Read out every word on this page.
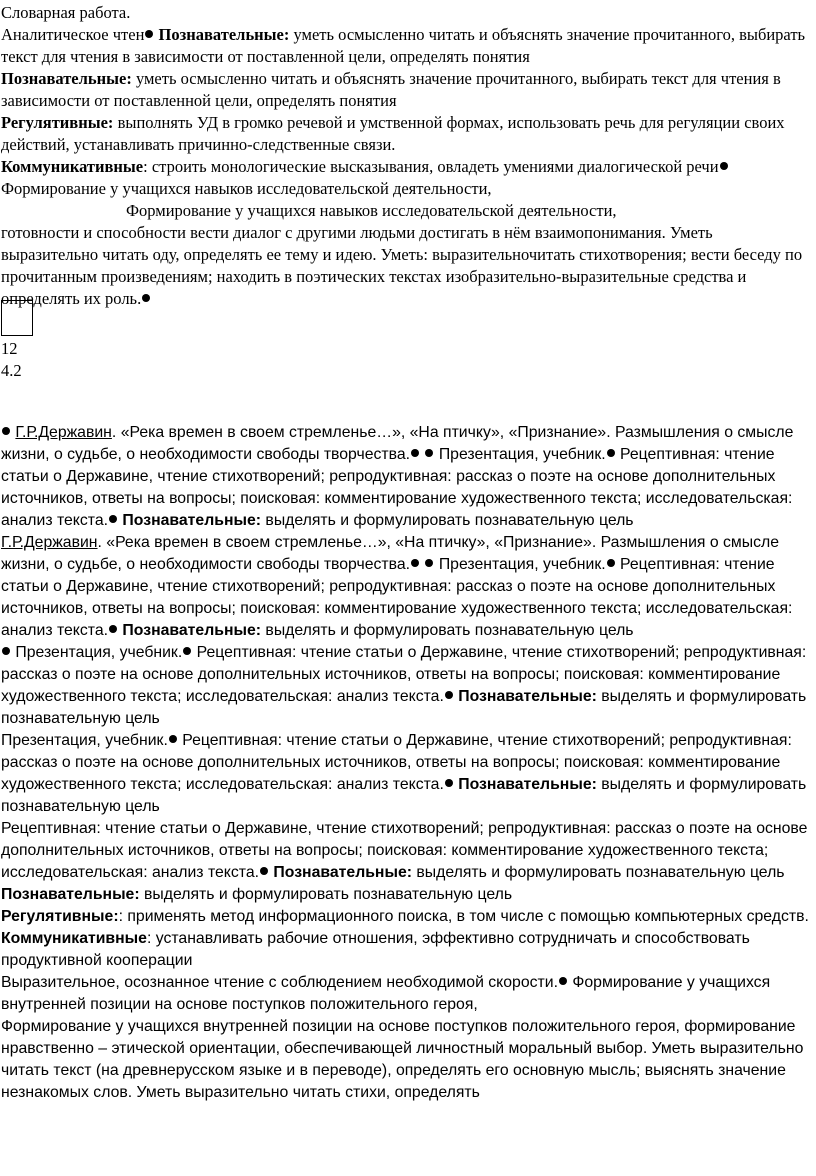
Словарная работа.
Аналитическое чтен Познавательные: уметь осмысленно читать и объяснять значение прочитанного, выбирать текст для чтения в зависимости от поставленной цели, определять понятия
Познавательные: уметь осмысленно читать и объяснять значение прочитанного, выбирать текст для чтения в зависимости от поставленной цели, определять понятия
Регулятивные: выполнять УД в громко речевой и умственной формах, использовать речь для регуляции своих действий, устанавливать причинно-следственные связи.
Коммуникативные: строить монологические высказывания, овладеть умениями диалогической речи Формирование у учащихся навыков исследовательской деятельности,
Формирование у учащихся навыков исследовательской деятельности,
готовности и способности вести диалог с другими людьми достигать в нём взаимопонимания. Уметь выразительно читать оду, определять ее тему и идею. Уметь: выразительночитать стихотворения; вести беседу по прочитанным произведениям; находить в поэтических текстах изобразительно-выразительные средства и определять их роль.
12
4.2
Г.Р.Державин. «Река времен в своем стремленье…», «На птичку», «Признание». Размышления о смысле жизни, о судьбе, о необходимости свободы творчества. Презентация, учебник. Рецептивная: чтение статьи о Державине, чтение стихотворений; репродуктивная: рассказ о поэте на основе дополнительных источников, ответы на вопросы; поисковая: комментирование художественного текста; исследовательская: анализ текста. Познавательные: выделять и формулировать познавательную цель
Г.Р.Державин. «Река времен в своем стремленье…», «На птичку», «Признание». Размышления о смысле жизни, о судьбе, о необходимости свободы творчества. Презентация, учебник. Рецептивная: чтение статьи о Державине, чтение стихотворений; репродуктивная: рассказ о поэте на основе дополнительных источников, ответы на вопросы; поисковая: комментирование художественного текста; исследовательская: анализ текста. Познавательные: выделять и формулировать познавательную цель
Презентация, учебник. Рецептивная: чтение статьи о Державине, чтение стихотворений; репродуктивная: рассказ о поэте на основе дополнительных источников, ответы на вопросы; поисковая: комментирование художественного текста; исследовательская: анализ текста. Познавательные: выделять и формулировать познавательную цель
Презентация, учебник. Рецептивная: чтение статьи о Державине, чтение стихотворений; репродуктивная: рассказ о поэте на основе дополнительных источников, ответы на вопросы; поисковая: комментирование художественного текста; исследовательская: анализ текста. Познавательные: выделять и формулировать познавательную цель
Рецептивная: чтение статьи о Державине, чтение стихотворений; репродуктивная: рассказ о поэте на основе дополнительных источников, ответы на вопросы; поисковая: комментирование художественного текста; исследовательская: анализ текста. Познавательные: выделять и формулировать познавательную цель
Познавательные: выделять и формулировать познавательную цель
Регулятивные:: применять метод информационного поиска, в том числе с помощью компьютерных средств.
Коммуникативные: устанавливать рабочие отношения, эффективно сотрудничать и способствовать продуктивной кооперации
Выразительное, осознанное чтение с соблюдением необходимой скорости. Формирование у учащихся внутренней позиции на основе поступков положительного героя,
Формирование у учащихся внутренней позиции на основе поступков положительного героя, формирование нравственно – этической ориентации, обеспечивающей личностный моральный выбор. Уметь выразительно читать текст (на древнерусском языке и в переводе), определять его основную мысль; выяснять значение незнакомых слов. Уметь выразительно читать стихи, определять
